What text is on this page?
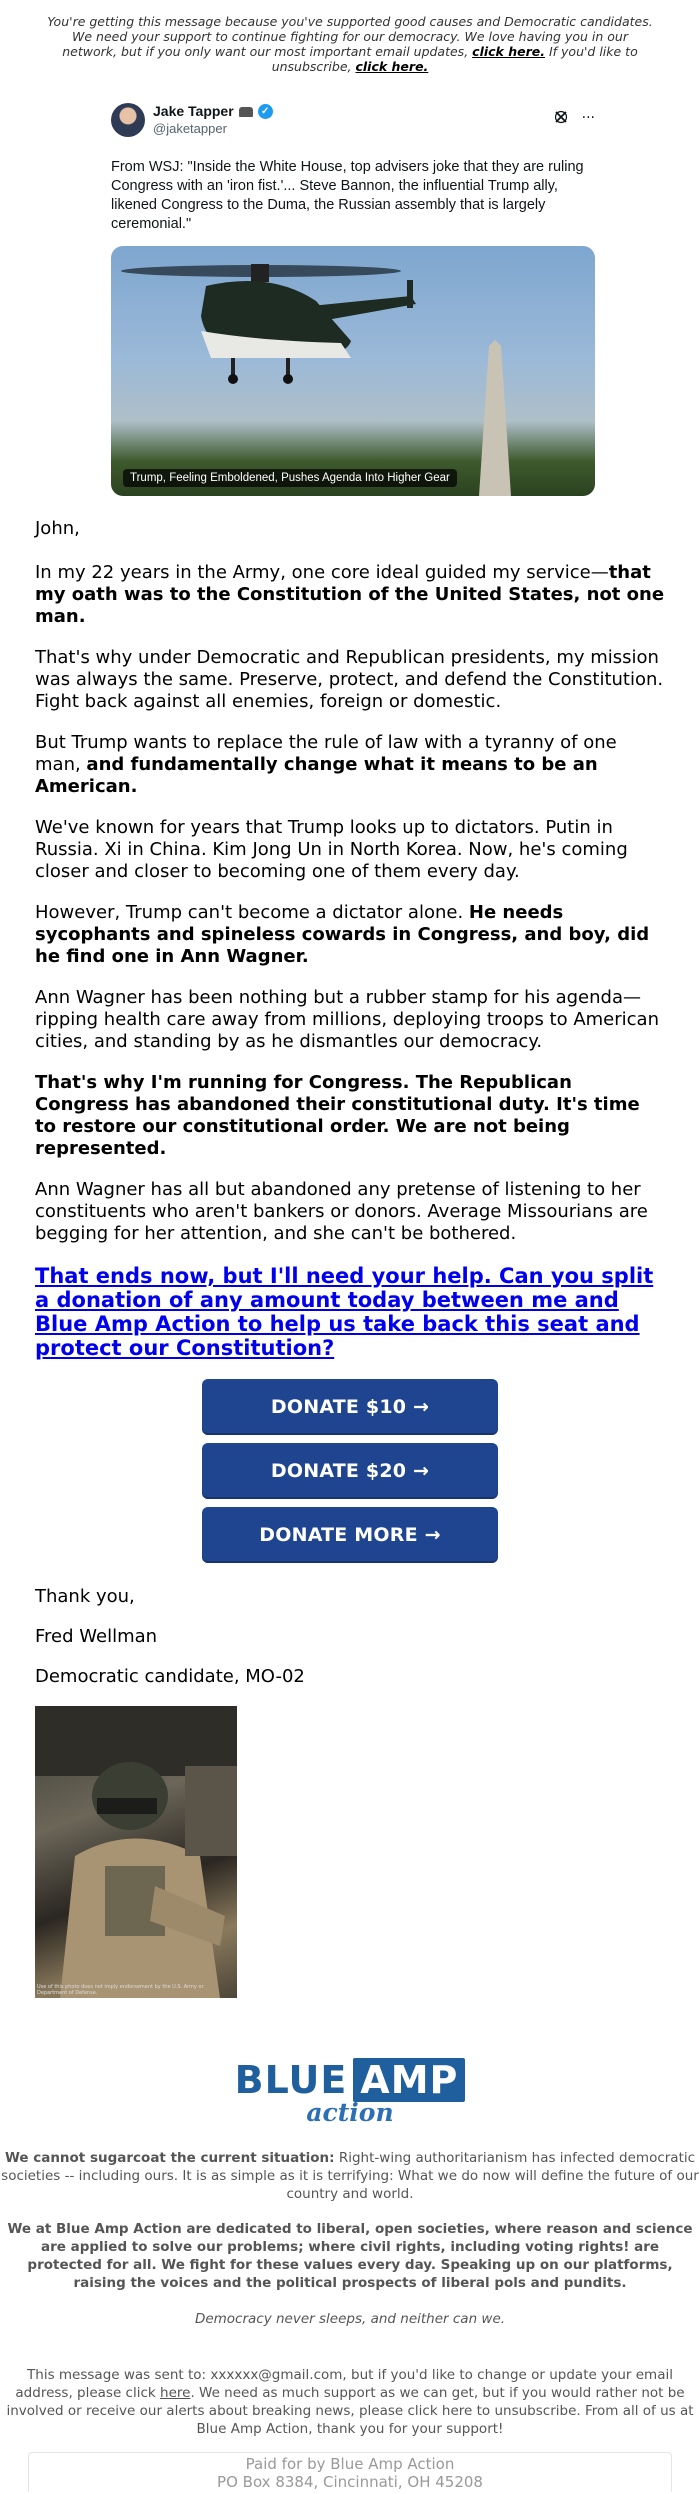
You're getting this message because you've supported good causes and Democratic candidates. We need your support to continue fighting for our democracy. We love having you in our network, but if you only want our most important email updates, click here. If you'd like to unsubscribe, click here.
Jake Tapper	✓
@jaketapper
···
From WSJ: "Inside the White House, top advisers joke that they are ruling Congress with an 'iron fist.'... Steve Bannon, the influential Trump ally, likened Congress to the Duma, the Russian assembly that is largely ceremonial."
Trump, Feeling Emboldened, Pushes Agenda Into Higher Gear

John,

In my 22 years in the Army, one core ideal guided my service—that my oath was to the Constitution of the United States, not one man.

That's why under Democratic and Republican presidents, my mission was always the same. Preserve, protect, and defend the Constitution. Fight back against all enemies, foreign or domestic.

But Trump wants to replace the rule of law with a tyranny of one man, and fundamentally change what it means to be an American.

We've known for years that Trump looks up to dictators. Putin in Russia. Xi in China. Kim Jong Un in North Korea. Now, he's coming closer and closer to becoming one of them every day.

However, Trump can't become a dictator alone. He needs sycophants and spineless cowards in Congress, and boy, did he find one in Ann Wagner.

Ann Wagner has been nothing but a rubber stamp for his agenda—ripping health care away from millions, deploying troops to American cities, and standing by as he dismantles our democracy.

That's why I'm running for Congress. The Republican Congress has abandoned their constitutional duty. It's time to restore our constitutional order. We are not being represented.

Ann Wagner has all but abandoned any pretense of listening to her constituents who aren't bankers or donors. Average Missourians are begging for her attention, and she can't be bothered.

That ends now, but I'll need your help. Can you split a donation of any amount today between me and Blue Amp Action to help us take back this seat and protect our Constitution?
DONATE $10 →
DONATE $20 →
DONATE MORE →

Thank you,

Fred Wellman

Democratic candidate, MO-02

Use of this photo does not imply endorsement by the U.S. Army or Department of Defense.
BLUE AMP
action
We cannot sugarcoat the current situation: Right-wing authoritarianism has infected democratic societies -- including ours. It is as simple as it is terrifying: What we do now will define the future of our country and world.
We at Blue Amp Action are dedicated to liberal, open societies, where reason and science are applied to solve our problems; where civil rights, including voting rights! are protected for all. We fight for these values every day. Speaking up on our platforms, raising the voices and the political prospects of liberal pols and pundits.
Democracy never sleeps, and neither can we.
This message was sent to: xxxxxx@gmail.com, but if you'd like to change or update your email address, please click here. We need as much support as we can get, but if you would rather not be involved or receive our alerts about breaking news, please click here to unsubscribe. From all of us at Blue Amp Action, thank you for your support!
Paid for by Blue Amp Action
PO Box 8384, Cincinnati, OH 45208
